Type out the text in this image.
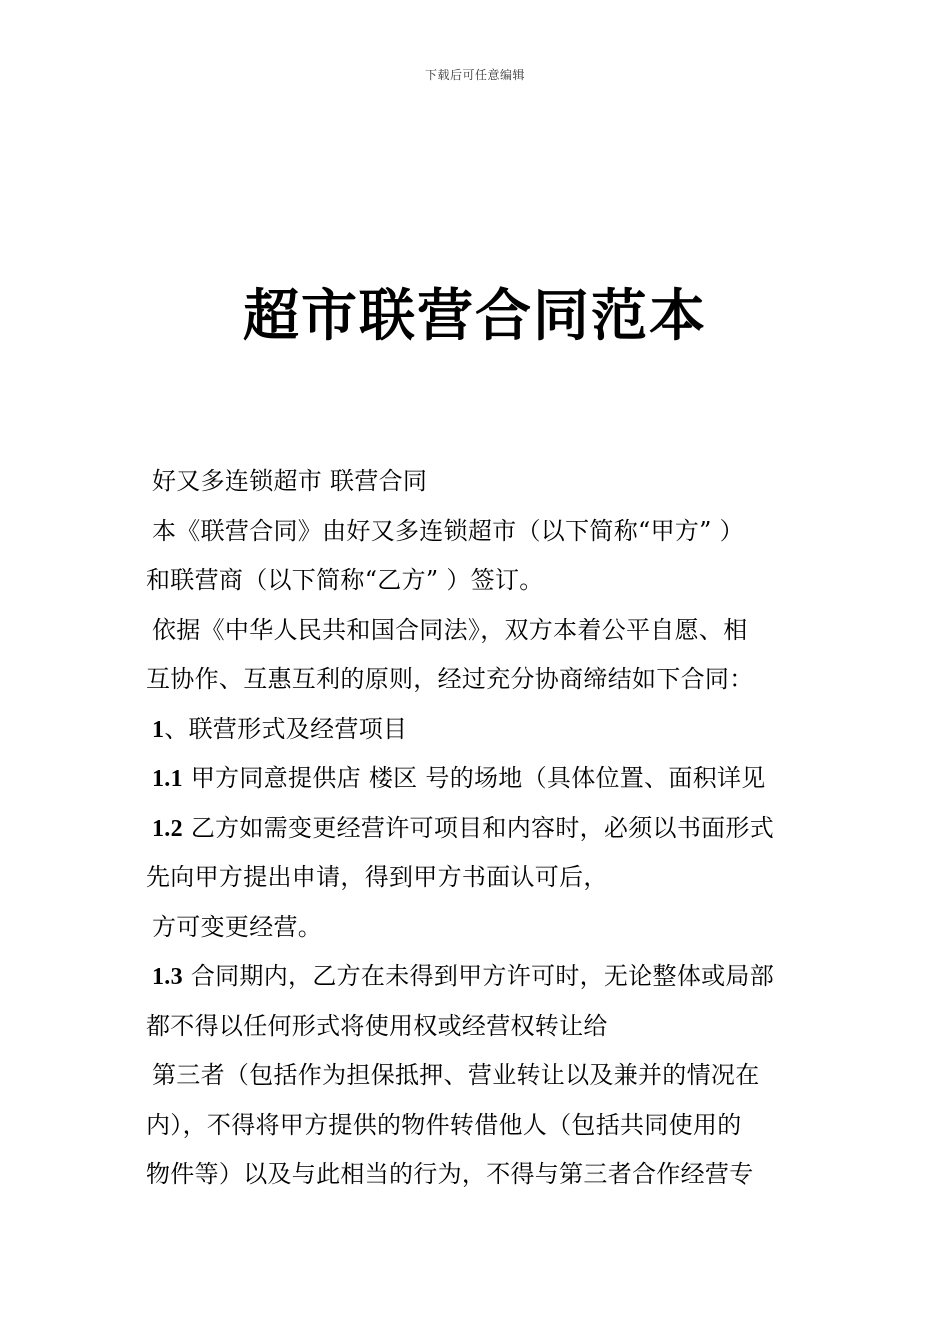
下载后可任意编辑
超市联营合同范本
好又多连锁超市 联营合同
本《联营合同》由好又多连锁超市（以下简称“甲方” ）
和联营商（以下简称“乙方” ）签订。
依据《中华人民共和国合同法》，双方本着公平自愿、相
互协作、互惠互利的原则，经过充分协商缔结如下合同：
1、联营形式及经营项目
1.1 甲方同意提供店 楼区 号的场地（具体位置、面积详见
1.2 乙方如需变更经营许可项目和内容时，必须以书面形式
先向甲方提出申请，得到甲方书面认可后，
方可变更经营。
1.3 合同期内，乙方在未得到甲方许可时，无论整体或局部
都不得以任何形式将使用权或经营权转让给
第三者（包括作为担保抵押、营业转让以及兼并的情况在
内），不得将甲方提供的物件转借他人（包括共同使用的
物件等）以及与此相当的行为，不得与第三者合作经营专
